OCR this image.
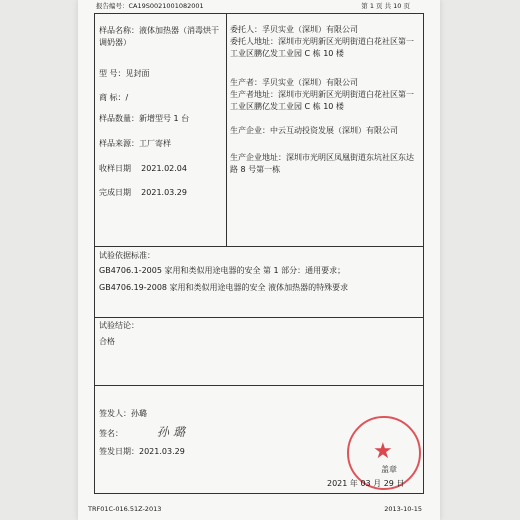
报告编号：CA19S0021001082001	第 1 页 共 10 页
样品名称：液体加热器（消毒烘干调奶器）
型 号：见封面
商 标：/
样品数量：新增型号 1 台
样品来源：工厂寄样
收样日期 2021.02.04
完成日期 2021.03.29
委托人：孚贝实业（深圳）有限公司
委托人地址：深圳市光明新区光明街道白花社区第一工业区鹏亿发工业园 C 栋 10 楼
生产者：孚贝实业（深圳）有限公司
生产者地址：深圳市光明新区光明街道白花社区第一工业区鹏亿发工业园 C 栋 10 楼
生产企业：中云互动投资发展（深圳）有限公司
生产企业地址：深圳市光明区凤凰街道东坑社区东达路 8 号第一栋
试验依据标准：
GB4706.1-2005 家用和类似用途电器的安全 第 1 部分：通用要求；
GB4706.19-2008 家用和类似用途电器的安全 液体加热器的特殊要求
试验结论：
合格
签发人：孙璐
签名：	孙璐
签发日期：2021.03.29	★
盖章
2021 年 03 月 29 日
TRF01C-016.51Z-2013	2013-10-15
